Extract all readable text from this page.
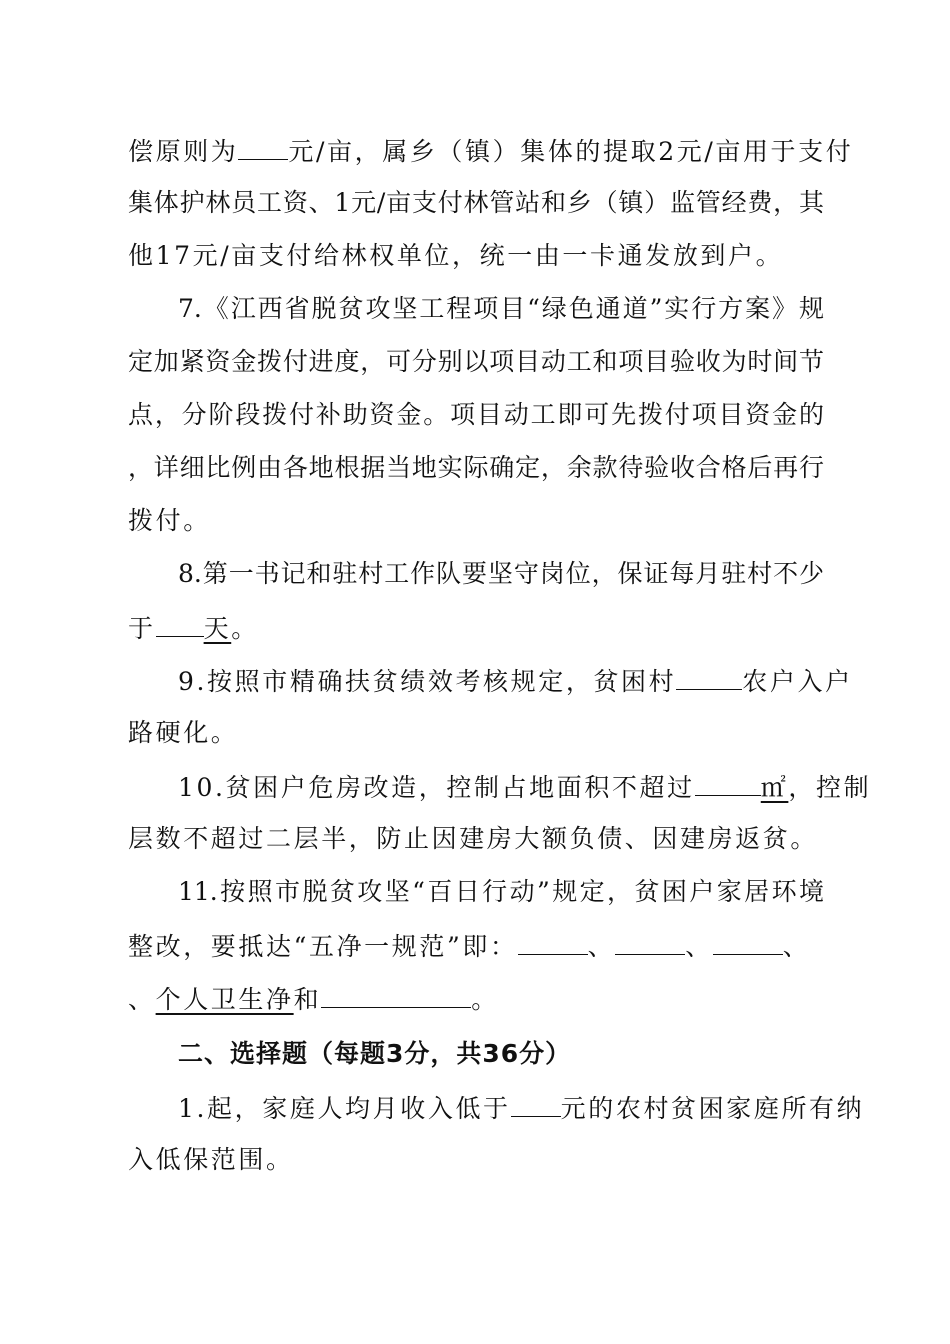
偿原则为 元/亩，属乡（镇）集体的提取2元/亩用于支付
集体护林员工资、1元/亩支付林管站和乡（镇）监管经费，其
他17元/亩支付给林权单位，统一由一卡通发放到户。
7.《江西省脱贫攻坚工程项目“绿色通道”实行方案》规
定加紧资金拨付进度，可分别以项目动工和项目验收为时间节
点，分阶段拨付补助资金。项目动工即可先拨付项目资金的
，详细比例由各地根据当地实际确定，余款待验收合格后再行
拨付。
8.第一书记和驻村工作队要坚守岗位，保证每月驻村不少
于 天。
9.按照市精确扶贫绩效考核规定，贫困村	农户入户
路硬化。
10.贫困户危房改造，控制占地面积不超过	㎡，控制
层数不超过二层半，防止因建房大额负债、因建房返贫。
11.按照市脱贫攻坚“百日行动”规定，贫困户家居环境
整改，要抵达“五净一规范”即：	、	、	、
、个人卫生净和	。
二、选择题（每题3分，共36分）
1.起，家庭人均月收入低于 元的农村贫困家庭所有纳
入低保范围。
